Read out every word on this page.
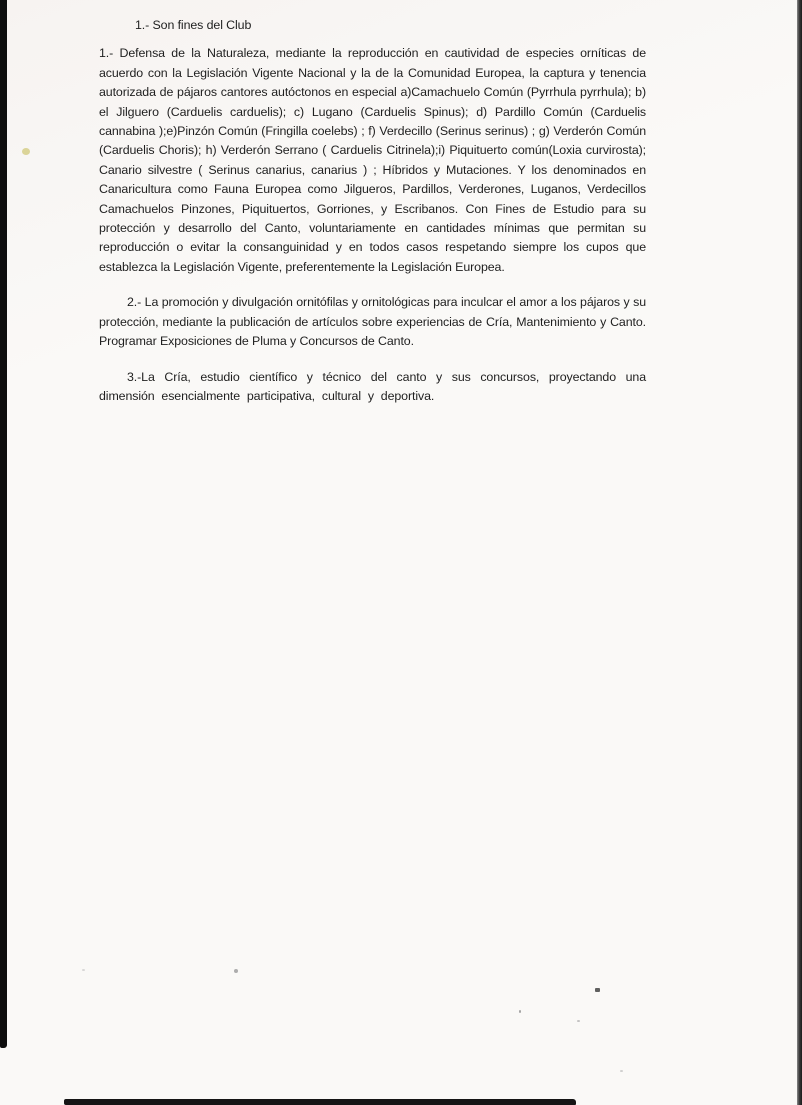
1.- Son fines del Club

1.- Defensa de la Naturaleza, mediante la reproducción en cautividad de especies orníticas de acuerdo con la Legislación Vigente Nacional y la de la Comunidad Europea, la captura y tenencia autorizada de pájaros cantores autóctonos en especial a)Camachuelo Común (Pyrrhula pyrrhula); b) el Jilguero (Carduelis carduelis); c) Lugano (Carduelis Spinus); d) Pardillo Común (Carduelis cannabina );e)Pinzón Común (Fringilla coelebs) ; f) Verdecillo (Serinus serinus) ; g) Verderón Común (Carduelis Choris); h) Verderón Serrano ( Carduelis Citrinela);i) Piquituerto común(Loxia curvirosta); Canario silvestre ( Serinus canarius, canarius ) ; Híbridos y Mutaciones. Y los denominados en Canaricultura como Fauna Europea como Jilgueros, Pardillos, Verderones, Luganos, Verdecillos Camachuelos Pinzones, Piquituertos, Gorriones, y Escribanos. Con Fines de Estudio para su protección y desarrollo del Canto, voluntariamente en cantidades mínimas que permitan su reproducción o evitar la consanguinidad y en todos casos respetando siempre los cupos que establezca la Legislación Vigente, preferentemente la Legislación Europea.

2.- La promoción y divulgación ornitófilas y ornitológicas para inculcar el amor a los pájaros y su protección, mediante la publicación de artículos sobre experiencias de Cría, Mantenimiento y Canto. Programar Exposiciones de Pluma y Concursos de Canto.

3.-La Cría, estudio científico y técnico del canto y sus concursos, proyectando una dimensión esencialmente participativa, cultural y deportiva.
